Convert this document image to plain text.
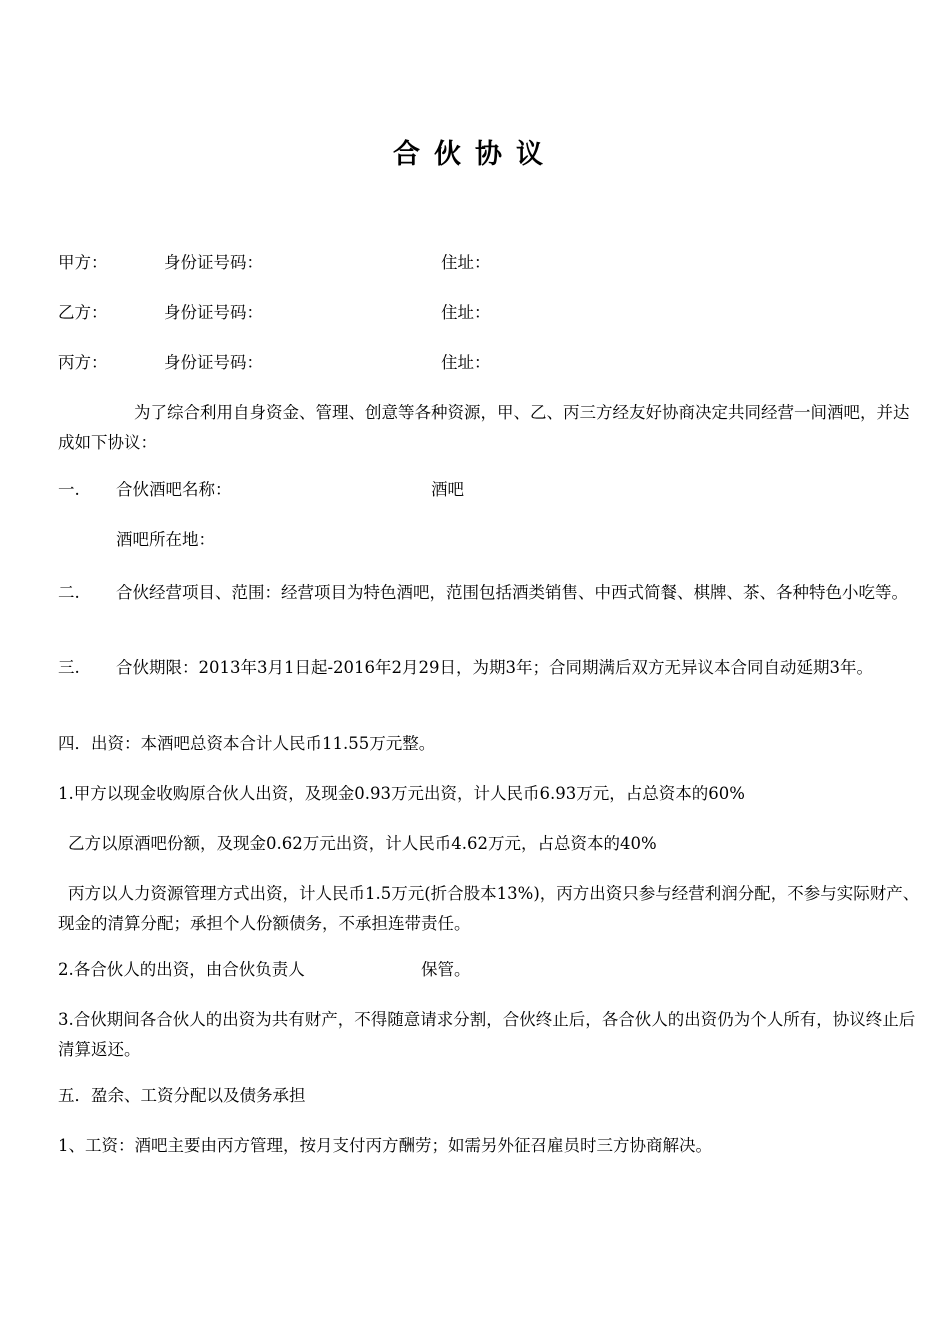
合伙协议
甲方：	身份证号码：	住址：
乙方：	身份证号码：	住址：
丙方：	身份证号码：	住址：
为了综合利用自身资金、管理、创意等各种资源，甲、乙、丙三方经友好协商决定共同经营一间酒吧，并达成如下协议：
一. 合伙酒吧名称：	酒吧
酒吧所在地：
二. 合伙经营项目、范围：经营项目为特色酒吧，范围包括酒类销售、中西式简餐、棋牌、茶、各种特色小吃等。
三. 合伙期限：2013年3月1日起-2016年2月29日，为期3年；合同期满后双方无异议本合同自动延期3年。
四．出资：本酒吧总资本合计人民币11.55万元整。
1.甲方以现金收购原合伙人出资，及现金0.93万元出资，计人民币6.93万元，占总资本的60%
乙方以原酒吧份额，及现金0.62万元出资，计人民币4.62万元，占总资本的40%
丙方以人力资源管理方式出资，计人民币1.5万元(折合股本13%)，丙方出资只参与经营利润分配，不参与实际财产、现金的清算分配；承担个人份额债务，不承担连带责任。
2.各合伙人的出资，由合伙负责人	保管。
3.合伙期间各合伙人的出资为共有财产，不得随意请求分割，合伙终止后，各合伙人的出资仍为个人所有，协议终止后清算返还。
五．盈余、工资分配以及债务承担
1、工资：酒吧主要由丙方管理，按月支付丙方酬劳；如需另外征召雇员时三方协商解决。
